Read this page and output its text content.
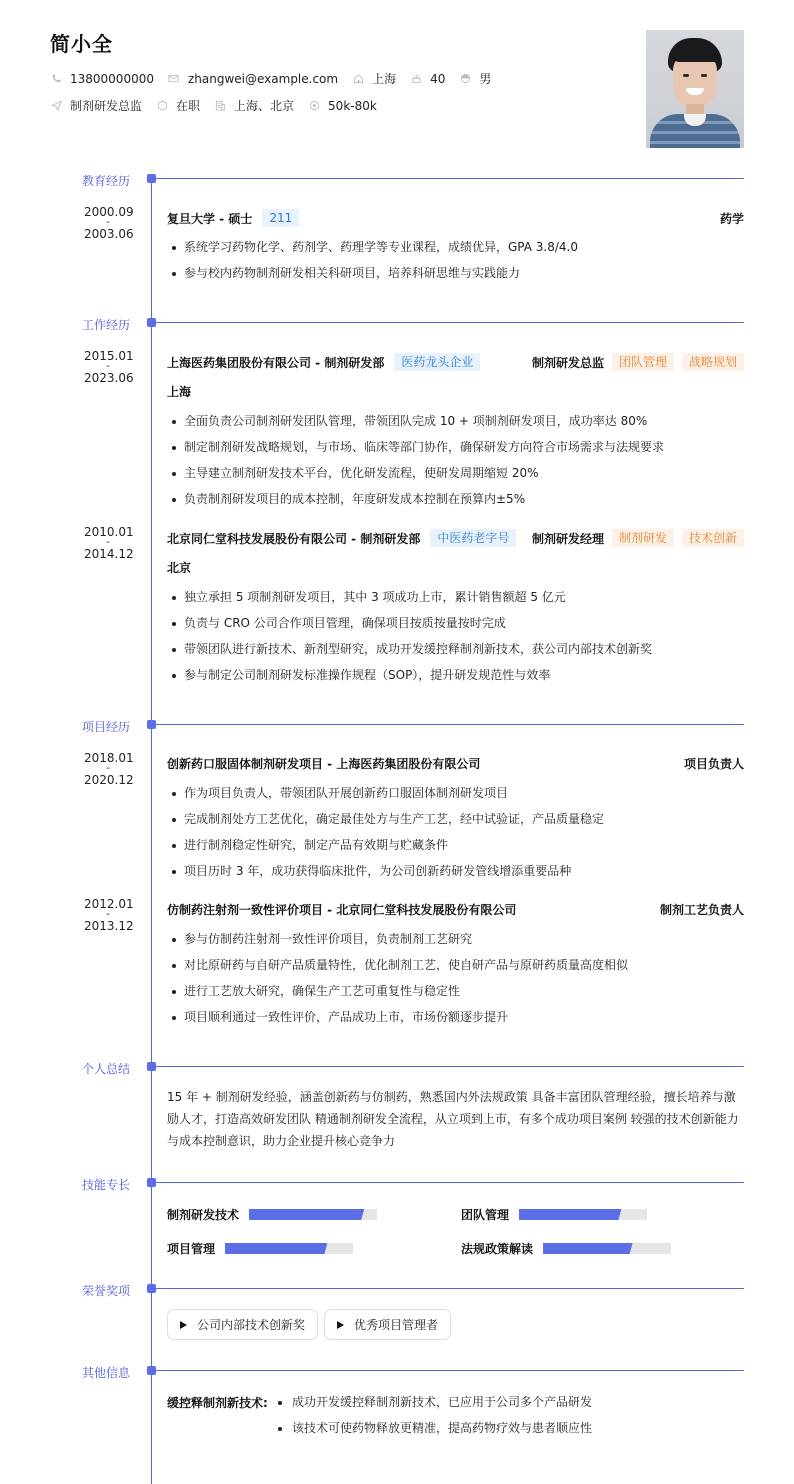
简小全
13800000000	zhangwei@example.com	上海	40	男
制剂研发总监	在职	上海、北京	50k-80k
教育经历
2000.09
-
2003.06
复旦大学 - 硕士	211	药学
系统学习药物化学、药剂学、药理学等专业课程，成绩优异，GPA 3.8/4.0
参与校内药物制剂研发相关科研项目，培养科研思维与实践能力
工作经历
2015.01
-
2023.06
上海医药集团股份有限公司 - 制剂研发部	医药龙头企业	制剂研发总监	团队管理	战略规划
上海
全面负责公司制剂研发团队管理，带领团队完成 10 + 项制剂研发项目，成功率达 80%
制定制剂研发战略规划，与市场、临床等部门协作，确保研发方向符合市场需求与法规要求
主导建立制剂研发技术平台，优化研发流程，使研发周期缩短 20%
负责制剂研发项目的成本控制，年度研发成本控制在预算内±5%
2010.01
-
2014.12
北京同仁堂科技发展股份有限公司 - 制剂研发部	中医药老字号	制剂研发经理	制剂研发	技术创新
北京
独立承担 5 项制剂研发项目，其中 3 项成功上市，累计销售额超 5 亿元
负责与 CRO 公司合作项目管理，确保项目按质按量按时完成
带领团队进行新技术、新剂型研究，成功开发缓控释制剂新技术，获公司内部技术创新奖
参与制定公司制剂研发标准操作规程（SOP），提升研发规范性与效率
项目经历
2018.01
-
2020.12
创新药口服固体制剂研发项目 - 上海医药集团股份有限公司	项目负责人
作为项目负责人，带领团队开展创新药口服固体制剂研发项目
完成制剂处方工艺优化，确定最佳处方与生产工艺，经中试验证，产品质量稳定
进行制剂稳定性研究，制定产品有效期与贮藏条件
项目历时 3 年，成功获得临床批件，为公司创新药研发管线增添重要品种
2012.01
-
2013.12
仿制药注射剂一致性评价项目 - 北京同仁堂科技发展股份有限公司	制剂工艺负责人
参与仿制药注射剂一致性评价项目，负责制剂工艺研究
对比原研药与自研产品质量特性，优化制剂工艺，使自研产品与原研药质量高度相似
进行工艺放大研究，确保生产工艺可重复性与稳定性
项目顺利通过一致性评价，产品成功上市，市场份额逐步提升
个人总结
15 年 + 制剂研发经验，涵盖创新药与仿制药，熟悉国内外法规政策 具备丰富团队管理经验，擅长培养与激励人才，打造高效研发团队 精通制剂研发全流程，从立项到上市，有多个成功项目案例 较强的技术创新能力与成本控制意识，助力企业提升核心竞争力
技能专长
制剂研发技术	团队管理
项目管理	法规政策解读
荣誉奖项
公司内部技术创新奖	优秀项目管理者
其他信息
缓控释制剂新技术:	成功开发缓控释制剂新技术，已应用于公司多个产品研发
该技术可使药物释放更精准，提高药物疗效与患者顺应性
